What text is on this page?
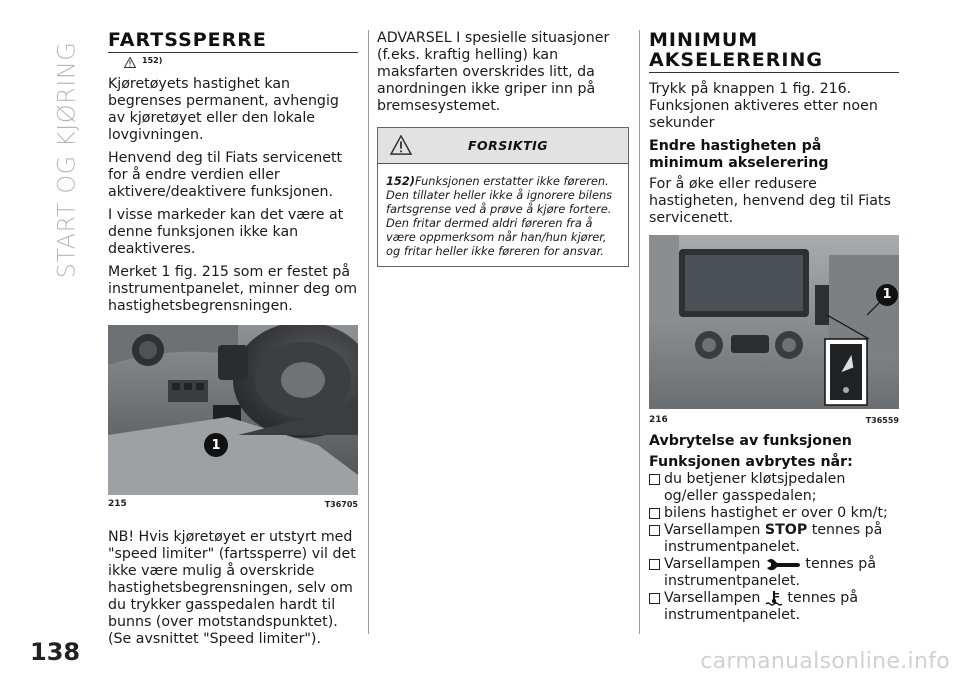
START OG KJØRING
138
FARTSSPERRE
152)

Kjøretøyets hastighet kan begrenses permanent, avhengig av kjøretøyet eller den lokale lovgivningen.

Henvend deg til Fiats servicenett for å endre verdien eller aktivere/deaktivere funksjonen.

I visse markeder kan det være at denne funksjonen ikke kan deaktiveres.

Merket 1 fig. 215 som er festet på instrumentpanelet, minner deg om hastighetsbegrensningen.

1
215	T36705

NB! Hvis kjøretøyet er utstyrt med "speed limiter" (fartssperre) vil det ikke være mulig å overskride hastighetsbegrensningen, selv om du trykker gasspedalen hardt til bunns (over motstandspunktet). (Se avsnittet "Speed limiter").

ADVARSEL I spesielle situasjoner (f.eks. kraftig helling) kan maksfarten overskrides litt, da anordningen ikke griper inn på bremsesystemet.

FORSIKTIG
152)Funksjonen erstatter ikke føreren. Den tillater heller ikke å ignorere bilens fartsgrense ved å prøve å kjøre fortere. Den fritar dermed aldri føreren fra å være oppmerksom når han/hun kjører, og fritar heller ikke føreren for ansvar.
MINIMUM
AKSELERERING

Trykk på knappen 1 fig. 216. Funksjonen aktiveres etter noen sekunder

Endre hastigheten på minimum akselerering

For å øke eller redusere hastigheten, henvend deg til Fiats servicenett.

1
216	T36559
Avbrytelse av funksjonen
Funksjonen avbrytes når:
du betjener kløtsjpedalen og/eller gasspedalen;
bilens hastighet er over 0 km/t;
Varsellampen STOP tennes på instrumentpanelet.
Varsellampen	tennes på instrumentpanelet.
Varsellampen tennes på instrumentpanelet.
carmanualsonline.info
